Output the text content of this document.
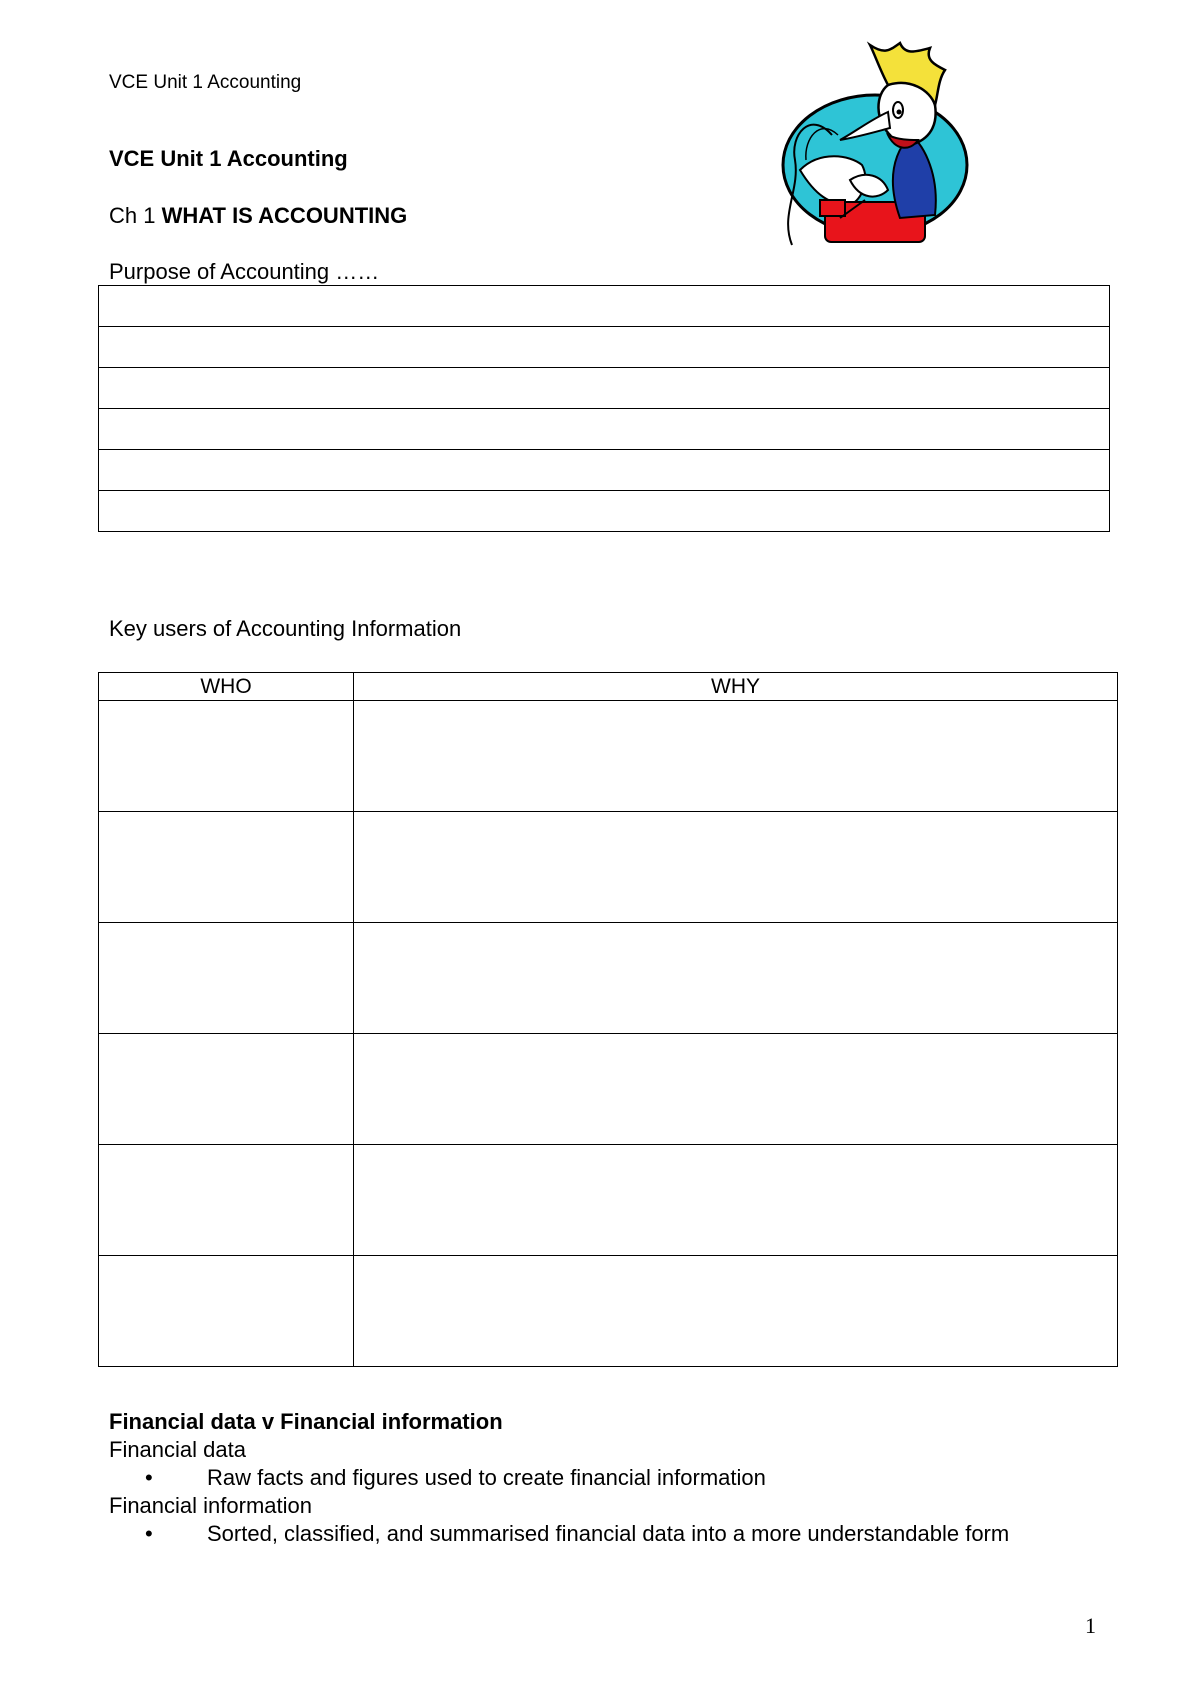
VCE Unit 1 Accounting
VCE Unit 1 Accounting
Ch 1 WHAT IS ACCOUNTING
Purpose of Accounting ……

Key users of Accounting Information
WHO	WHY

Financial data v Financial information
Financial data
•	Raw facts and figures used to create financial information
Financial information
•	Sorted, classified, and summarised financial data into a more understandable form
1
